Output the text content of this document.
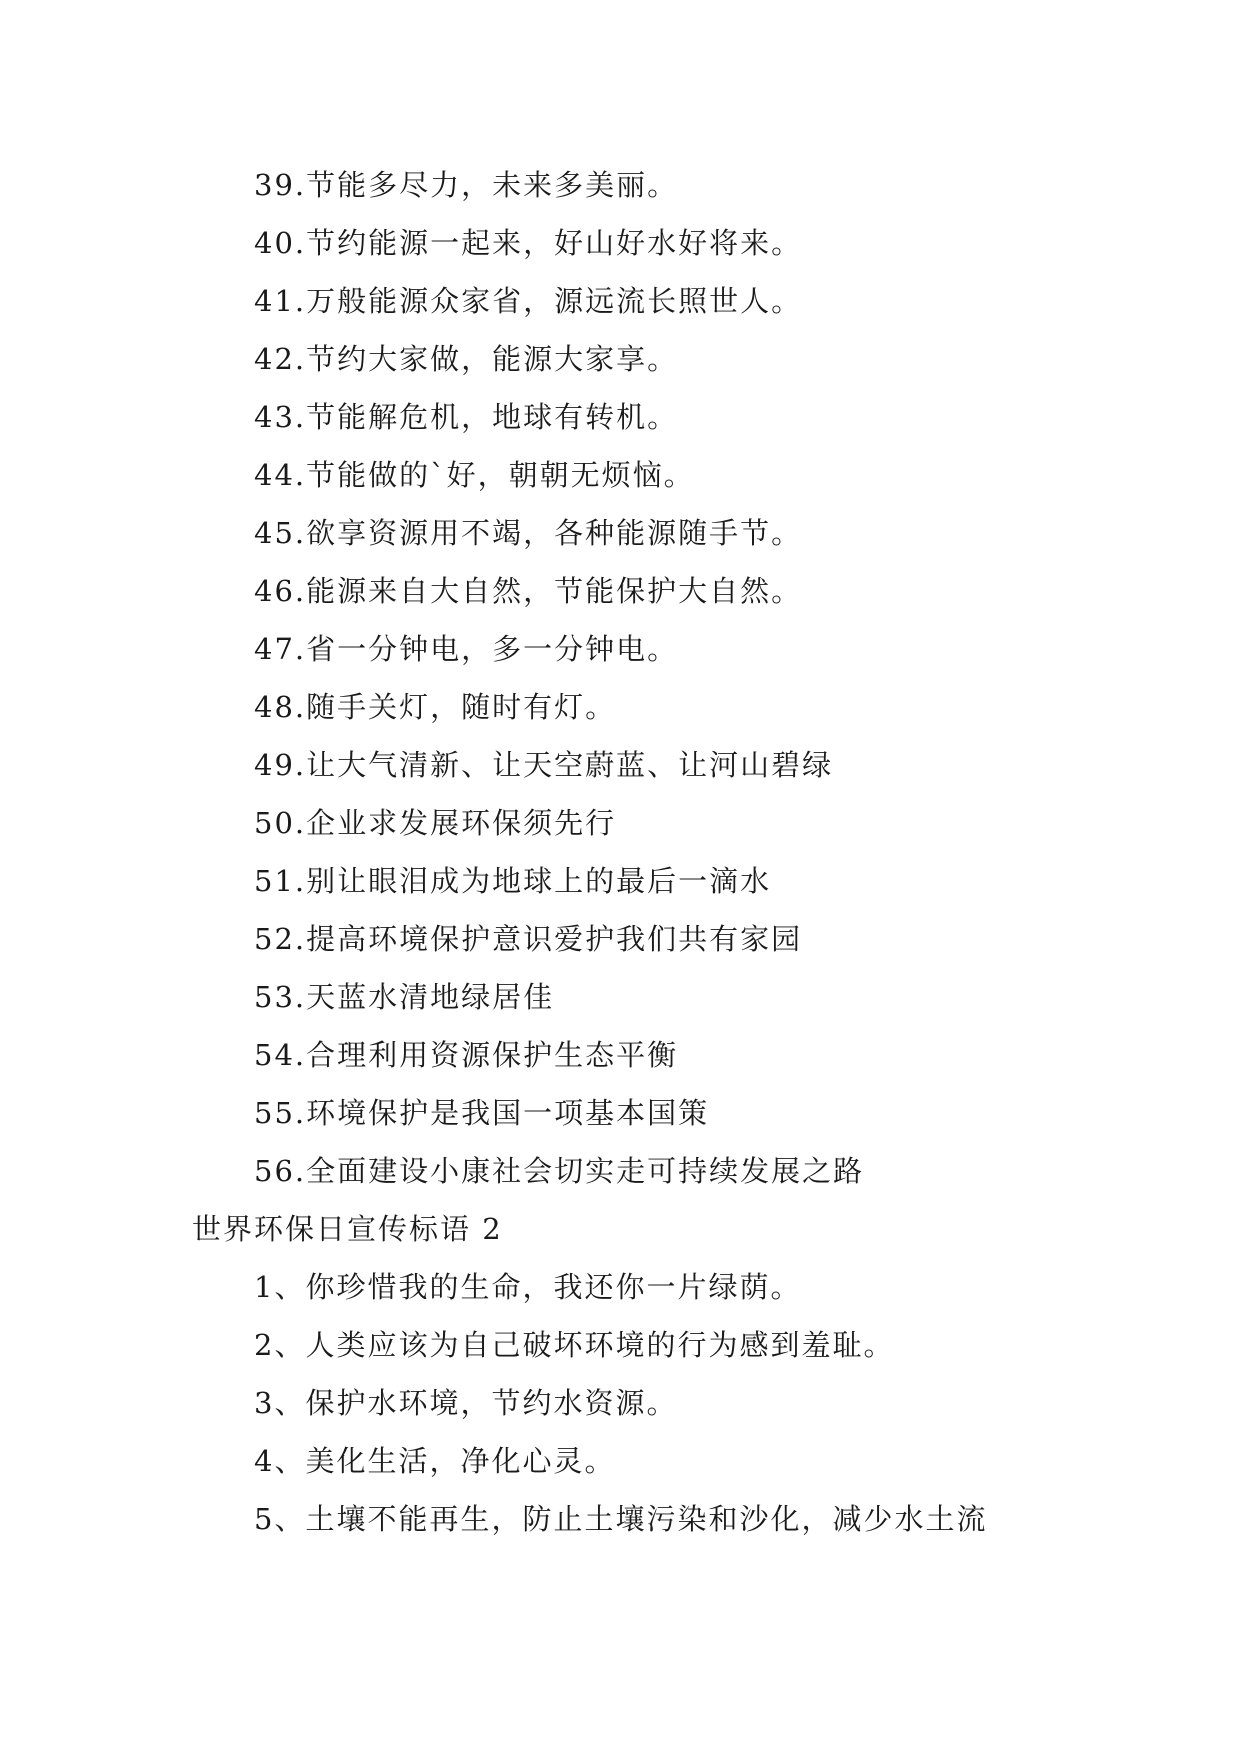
39.节能多尽力，未来多美丽。
40.节约能源一起来，好山好水好将来。
41.万般能源众家省，源远流长照世人。
42.节约大家做，能源大家享。
43.节能解危机，地球有转机。
44.节能做的`好，朝朝无烦恼。
45.欲享资源用不竭，各种能源随手节。
46.能源来自大自然，节能保护大自然。
47.省一分钟电，多一分钟电。
48.随手关灯，随时有灯。
49.让大气清新、让天空蔚蓝、让河山碧绿
50.企业求发展环保须先行
51.别让眼泪成为地球上的最后一滴水
52.提高环境保护意识爱护我们共有家园
53.天蓝水清地绿居佳
54.合理利用资源保护生态平衡
55.环境保护是我国一项基本国策
56.全面建设小康社会切实走可持续发展之路
世界环保日宣传标语 2
1、你珍惜我的生命，我还你一片绿荫。
2、人类应该为自己破坏环境的行为感到羞耻。
3、保护水环境，节约水资源。
4、美化生活，净化心灵。
5、土壤不能再生，防止土壤污染和沙化，减少水土流
